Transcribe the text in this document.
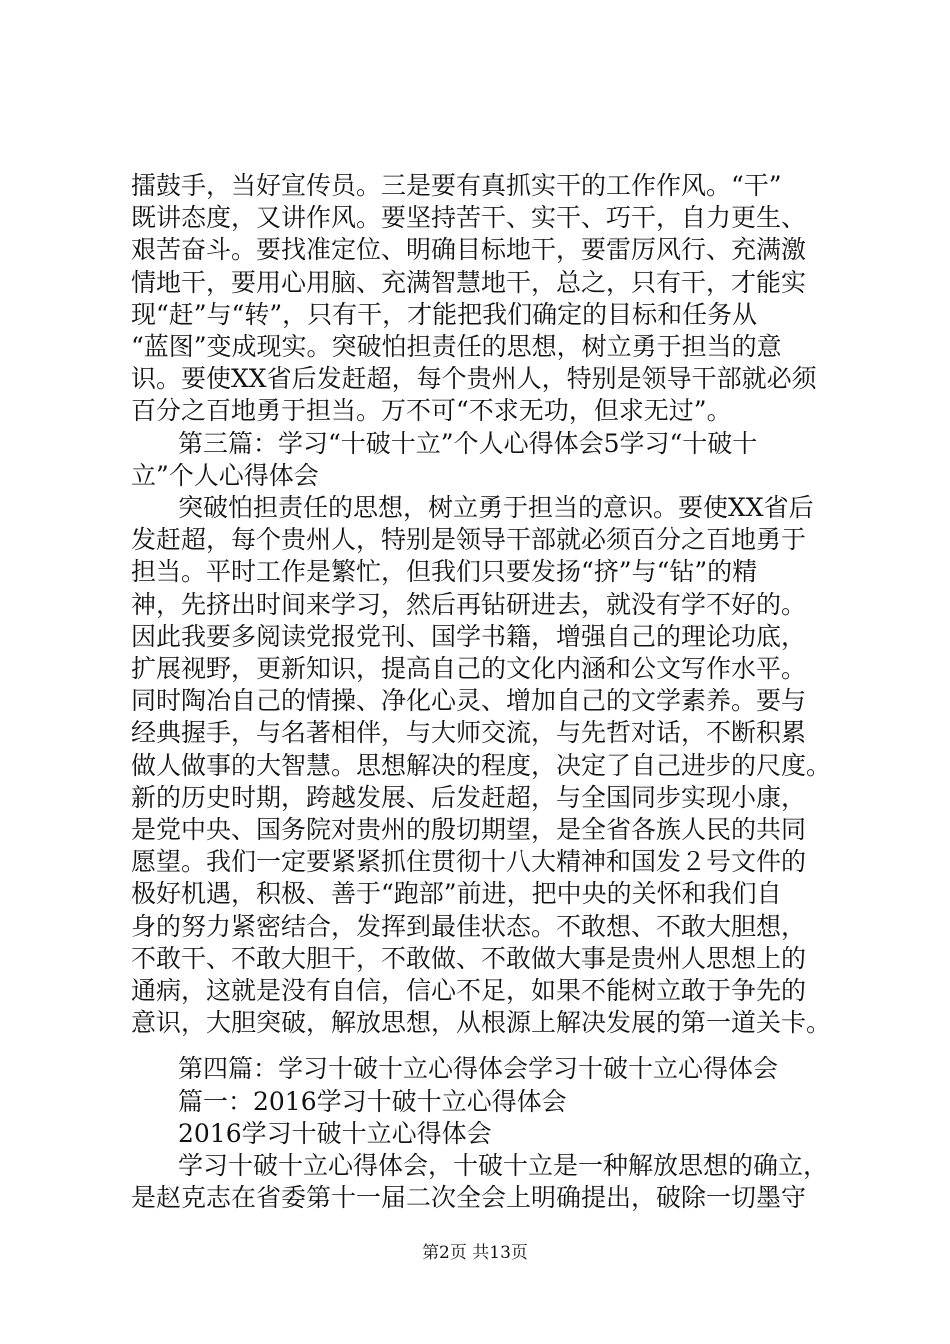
擂鼓手，当好宣传员。三是要有真抓实干的工作作风。“干”
既讲态度，又讲作风。要坚持苦干、实干、巧干，自力更生、
艰苦奋斗。要找准定位、明确目标地干，要雷厉风行、充满激
情地干，要用心用脑、充满智慧地干，总之，只有干，才能实
现“赶”与“转”，只有干，才能把我们确定的目标和任务从
“蓝图”变成现实。突破怕担责任的思想，树立勇于担当的意
识。要使XX省后发赶超，每个贵州人，特别是领导干部就必须
百分之百地勇于担当。万不可“不求无功，但求无过”。
第三篇：学习“十破十立”个人心得体会5学习“十破十
立”个人心得体会
突破怕担责任的思想，树立勇于担当的意识。要使XX省后
发赶超，每个贵州人，特别是领导干部就必须百分之百地勇于
担当。平时工作是繁忙，但我们只要发扬“挤”与“钻”的精
神，先挤出时间来学习，然后再钻研进去，就没有学不好的。
因此我要多阅读党报党刊、国学书籍，增强自己的理论功底，
扩展视野，更新知识，提高自己的文化内涵和公文写作水平。
同时陶冶自己的情操、净化心灵、增加自己的文学素养。要与
经典握手，与名著相伴，与大师交流，与先哲对话，不断积累
做人做事的大智慧。思想解决的程度，决定了自己进步的尺度。
新的历史时期，跨越发展、后发赶超，与全国同步实现小康，
是党中央、国务院对贵州的殷切期望，是全省各族人民的共同
愿望。我们一定要紧紧抓住贯彻十八大精神和国发２号文件的
极好机遇，积极、善于“跑部”前进，把中央的关怀和我们自
身的努力紧密结合，发挥到最佳状态。不敢想、不敢大胆想，
不敢干、不敢大胆干，不敢做、不敢做大事是贵州人思想上的
通病，这就是没有自信，信心不足，如果不能树立敢于争先的
意识，大胆突破，解放思想，从根源上解决发展的第一道关卡。
第四篇：学习十破十立心得体会学习十破十立心得体会
篇一：2016学习十破十立心得体会
2016学习十破十立心得体会
学习十破十立心得体会，十破十立是一种解放思想的确立，
是赵克志在省委第十一届二次全会上明确提出，破除一切墨守
第2页 共13页
